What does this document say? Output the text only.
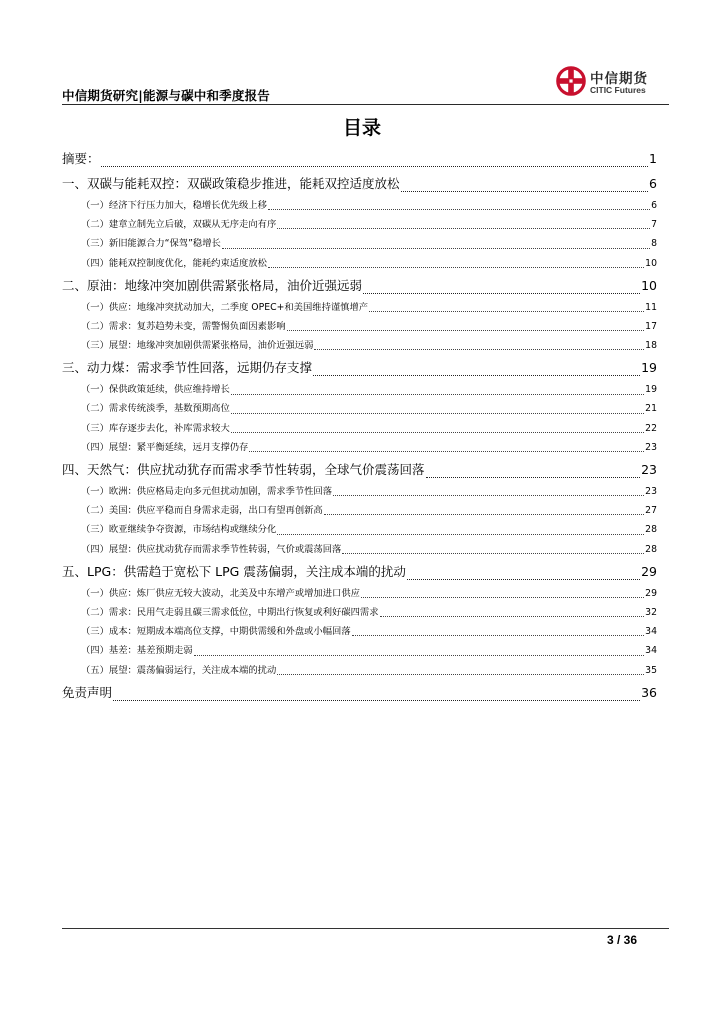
中信期货研究|能源与碳中和季度报告
中信期货
CITIC Futures
目录
摘要：	1
一、双碳与能耗双控：双碳政策稳步推进，能耗双控适度放松	6
（一）经济下行压力加大，稳增长优先级上移	6
（二）建章立制先立后破，双碳从无序走向有序	7
（三）新旧能源合力“保驾”稳增长	8
（四）能耗双控制度优化，能耗约束适度放松	10
二、原油：地缘冲突加剧供需紧张格局，油价近强远弱	10
（一）供应：地缘冲突扰动加大，二季度 OPEC+和美国维持谨慎增产	11
（二）需求：复苏趋势未变，需警惕负面因素影响	17
（三）展望：地缘冲突加剧供需紧张格局，油价近强远弱	18
三、动力煤：需求季节性回落，远期仍存支撑	19
（一）保供政策延续，供应维持增长	19
（二）需求传统淡季，基数预期高位	21
（三）库存逐步去化，补库需求较大	22
（四）展望：紧平衡延续，远月支撑仍存	23
四、天然气：供应扰动犹存而需求季节性转弱，全球气价震荡回落	23
（一）欧洲：供应格局走向多元但扰动加剧，需求季节性回落	23
（二）美国：供应平稳而自身需求走弱，出口有望再创新高	27
（三）欧亚继续争夺资源，市场结构或继续分化	28
（四）展望：供应扰动犹存而需求季节性转弱，气价或震荡回落	28
五、LPG：供需趋于宽松下 LPG 震荡偏弱，关注成本端的扰动	29
（一）供应：炼厂供应无较大波动，北美及中东增产或增加进口供应	29
（二）需求：民用气走弱且碳三需求低位，中期出行恢复或利好碳四需求	32
（三）成本：短期成本端高位支撑，中期供需缓和外盘或小幅回落	34
（四）基差：基差预期走弱	34
（五）展望：震荡偏弱运行，关注成本端的扰动	35
免责声明	36
3 / 36
